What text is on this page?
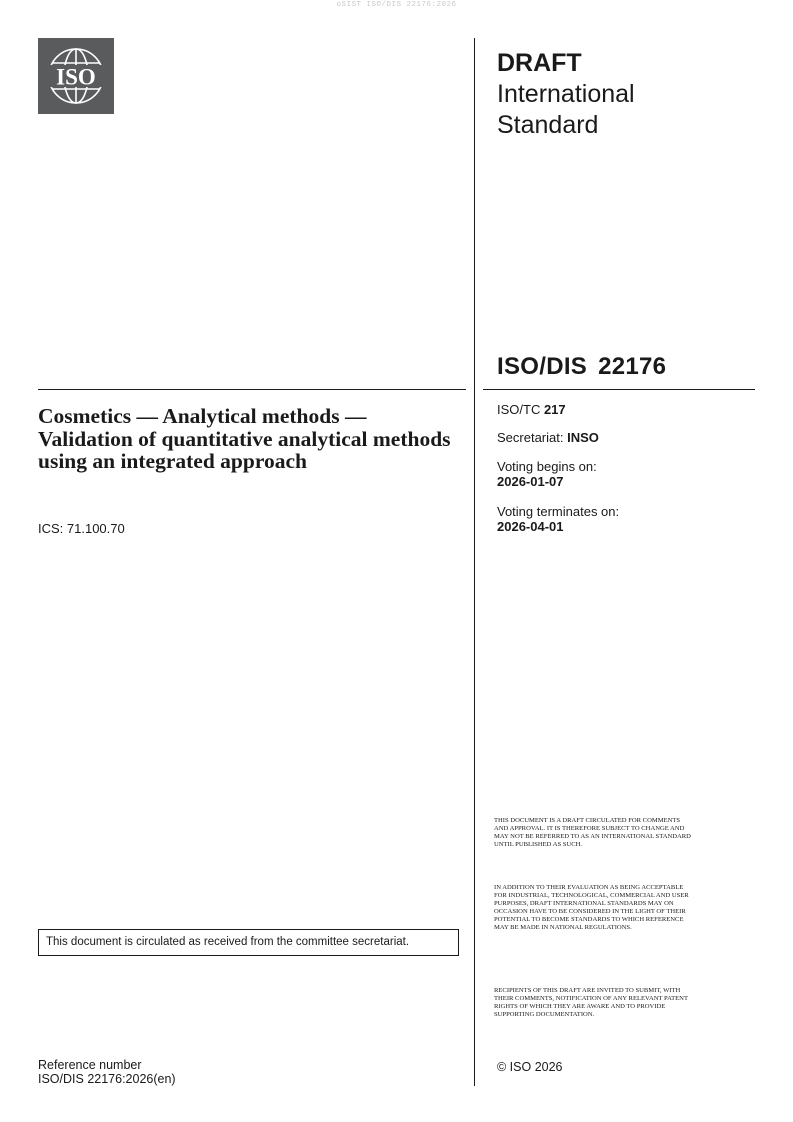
oSIST ISO/DIS 22176:2026
ISO	DRAFT
International
Standard
ISO/DIS 22176
Cosmetics — Analytical methods — Validation of quantitative analytical methods using an integrated approach
ICS: 71.100.70
ISO/TC 217
Secretariat: INSO
Voting begins on:
2026-01-07
Voting terminates on:
2026-04-01
THIS DOCUMENT IS A DRAFT CIRCULATED FOR COMMENTS AND APPROVAL. IT IS THEREFORE SUBJECT TO CHANGE AND MAY NOT BE REFERRED TO AS AN INTERNATIONAL STANDARD UNTIL PUBLISHED AS SUCH.
IN ADDITION TO THEIR EVALUATION AS BEING ACCEPTABLE FOR INDUSTRIAL, TECHNOLOGICAL, COMMERCIAL AND USER PURPOSES, DRAFT INTERNATIONAL STANDARDS MAY ON OCCASION HAVE TO BE CONSIDERED IN THE LIGHT OF THEIR POTENTIAL TO BECOME STANDARDS TO WHICH REFERENCE MAY BE MADE IN NATIONAL REGULATIONS.
RECIPIENTS OF THIS DRAFT ARE INVITED TO SUBMIT, WITH THEIR COMMENTS, NOTIFICATION OF ANY RELEVANT PATENT RIGHTS OF WHICH THEY ARE AWARE AND TO PROVIDE SUPPORTING DOCUMENTATION.
This document is circulated as received from the committee secretariat.
Reference number
ISO/DIS 22176:2026(en)
© ISO 2026
